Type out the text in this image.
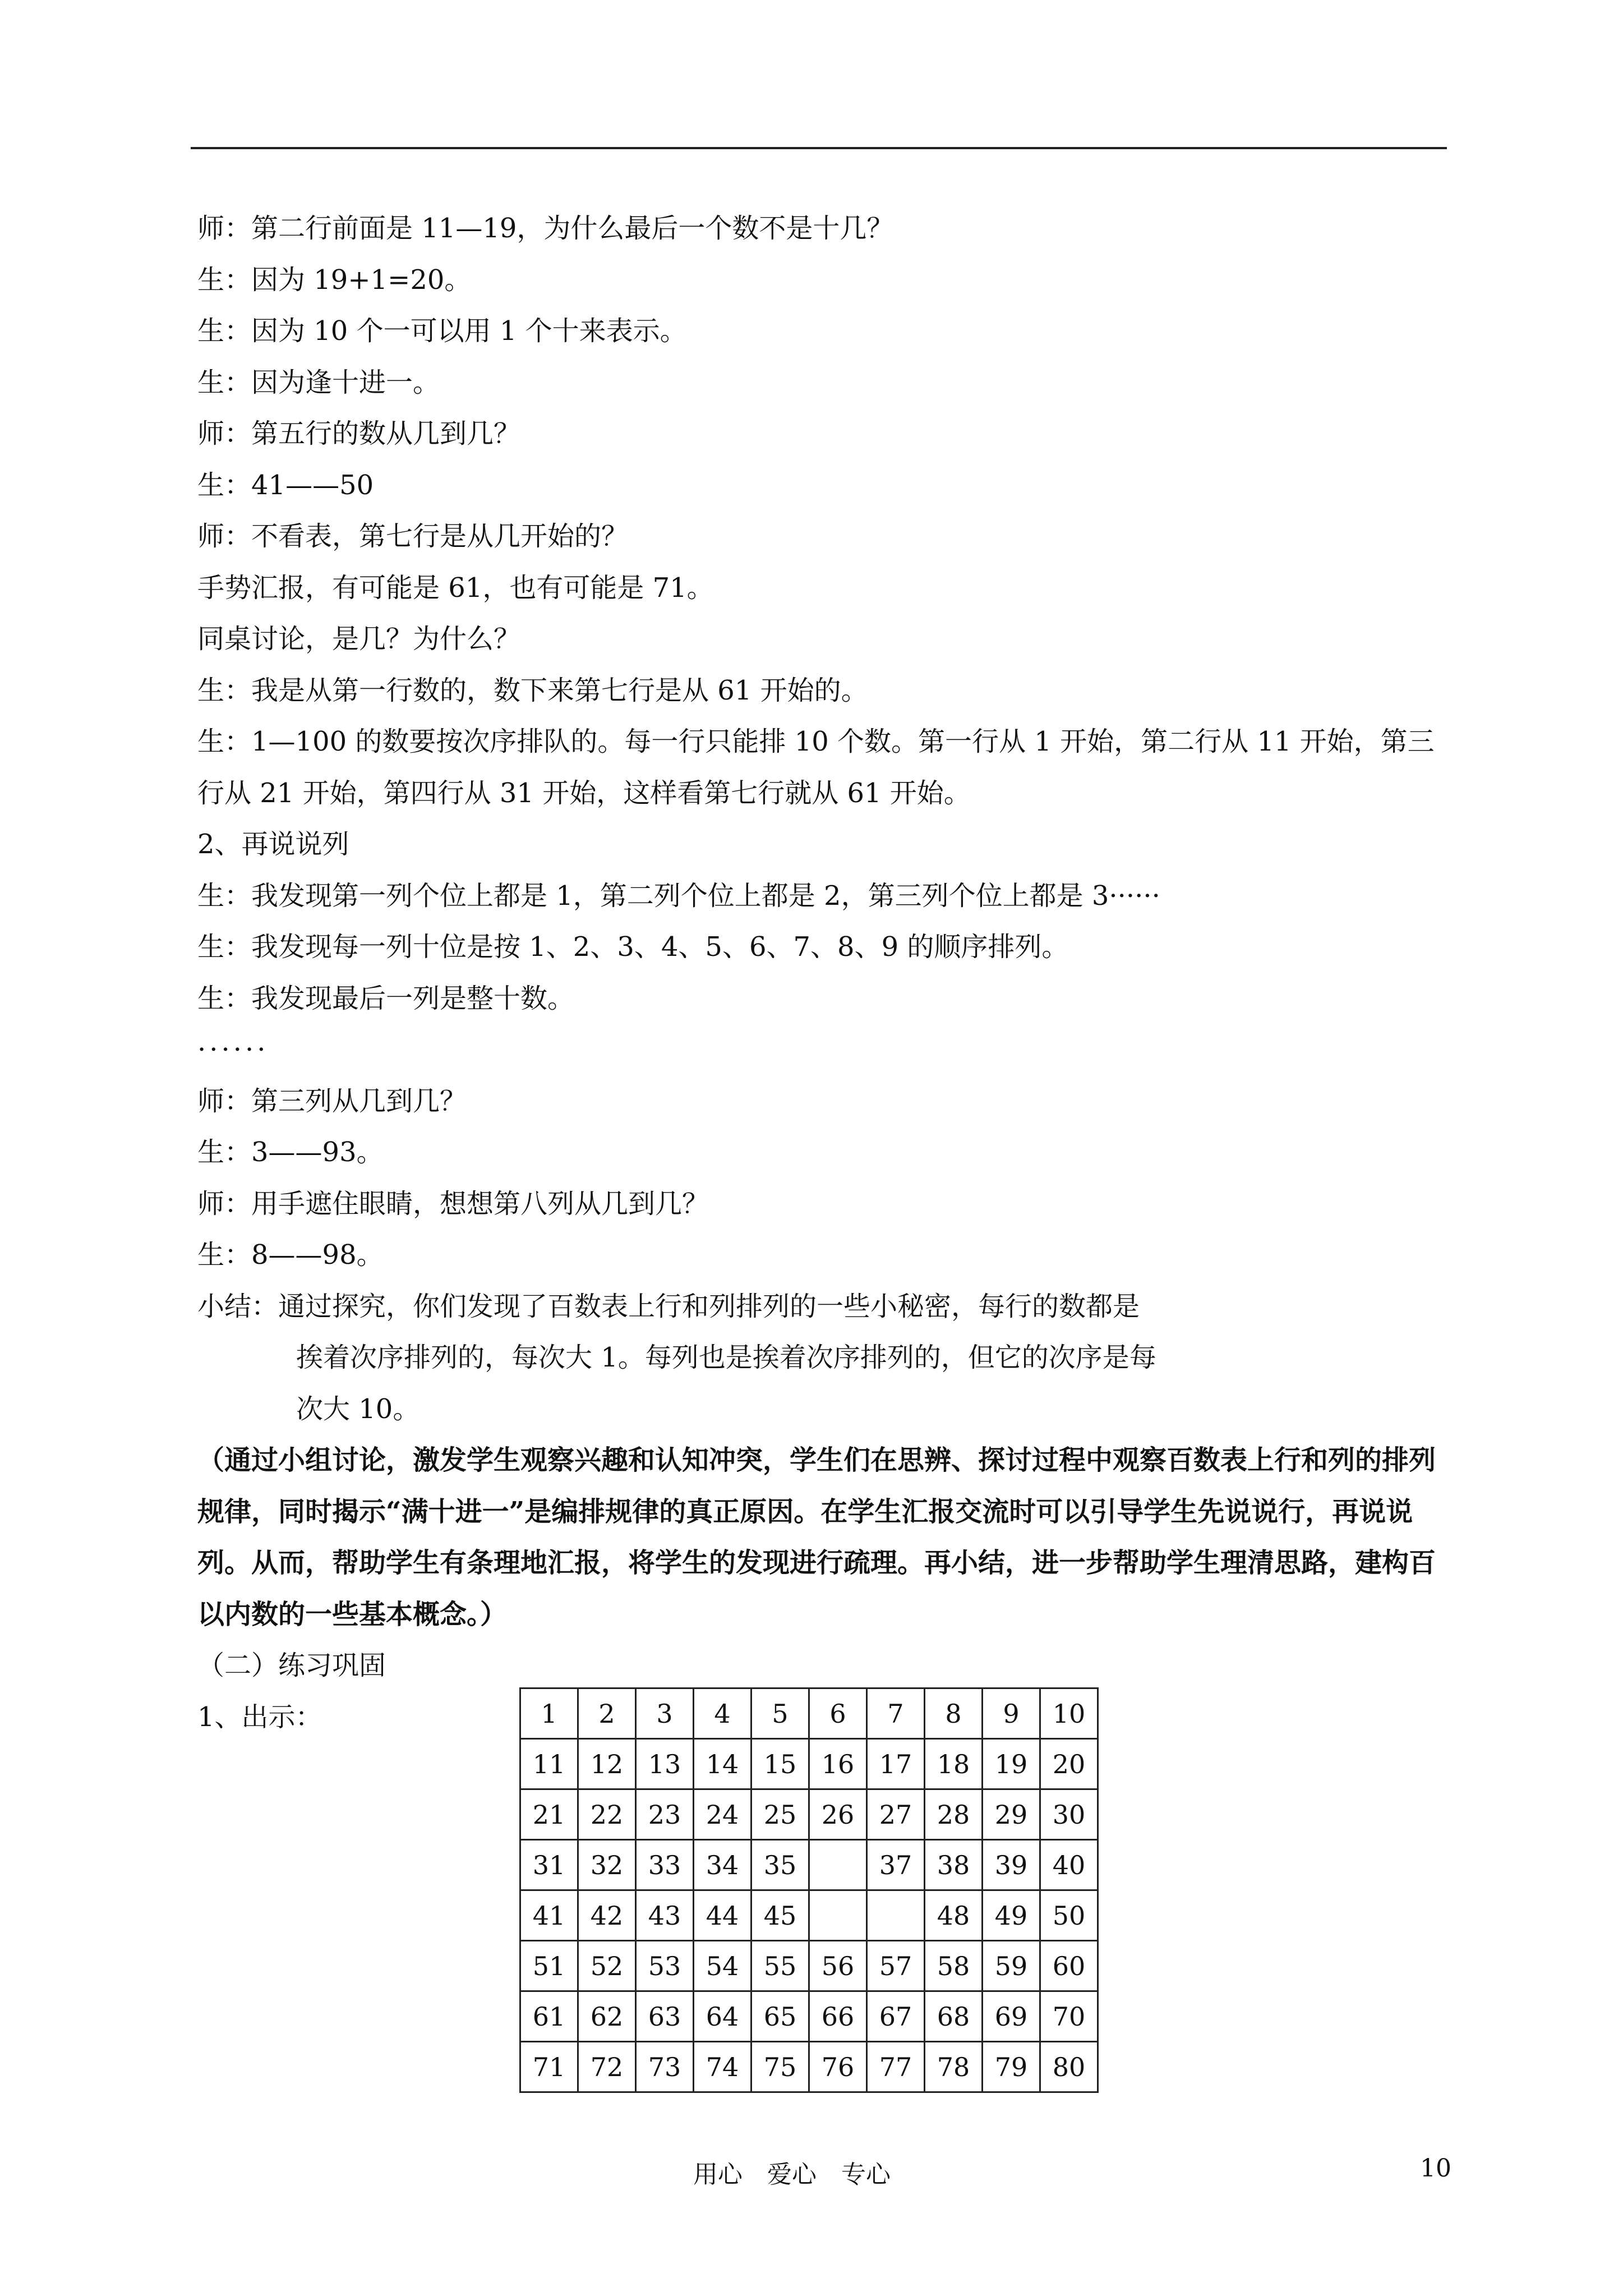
师：第二行前面是 11—19，为什么最后一个数不是十几？
生：因为 19+1=20。
生：因为 10 个一可以用 1 个十来表示。
生：因为逢十进一。
师：第五行的数从几到几？
生：41——50
师：不看表，第七行是从几开始的？
手势汇报，有可能是 61，也有可能是 71。
同桌讨论，是几？为什么？
生：我是从第一行数的，数下来第七行是从 61 开始的。
生：1—100 的数要按次序排队的。每一行只能排 10 个数。第一行从 1 开始，第二行从 11 开始，第三行从 21 开始，第四行从 31 开始，这样看第七行就从 61 开始。
2、再说说列
生：我发现第一列个位上都是 1，第二列个位上都是 2，第三列个位上都是 3······
生：我发现每一列十位是按 1、2、3、4、5、6、7、8、9 的顺序排列。
生：我发现最后一列是整十数。
······
师：第三列从几到几？
生：3——93。
师：用手遮住眼睛，想想第八列从几到几？
生：8——98。
小结：通过探究，你们发现了百数表上行和列排列的一些小秘密，每行的数都是
挨着次序排列的，每次大 1。每列也是挨着次序排列的，但它的次序是每
次大 10。
（通过小组讨论，激发学生观察兴趣和认知冲突，学生们在思辨、探讨过程中观察百数表上行和列的排列规律，同时揭示“满十进一”是编排规律的真正原因。在学生汇报交流时可以引导学生先说说行，再说说列。从而，帮助学生有条理地汇报，将学生的发现进行疏理。再小结，进一步帮助学生理清思路，建构百以内数的一些基本概念。）
（二）练习巩固
1、出示：	1	2	3	4	5	6	7	8	9	10
11	12	13	14	15	16	17	18	19	20
21	22	23	24	25	26	27	28	29	30
31	32	33	34	35		37	38	39	40
41	42	43	44	45			48	49	50
51	52	53	54	55	56	57	58	59	60
61	62	63	64	65	66	67	68	69	70
71	72	73	74	75	76	77	78	79	80
用心 爱心 专心	10
